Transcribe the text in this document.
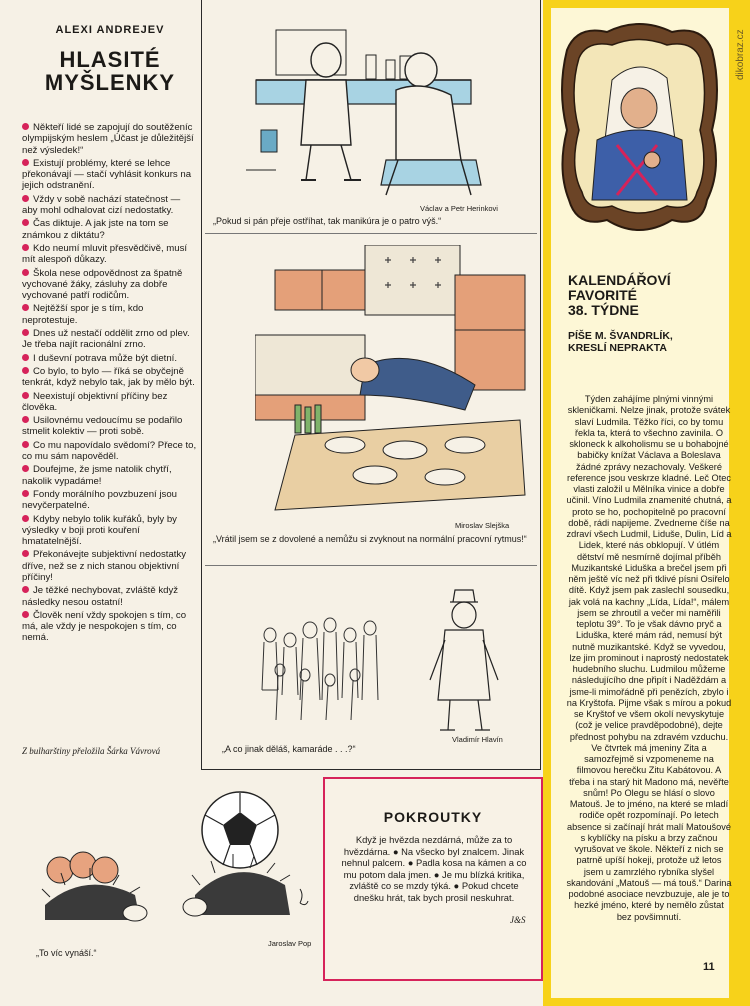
ALEXI ANDREJEV
HLASITÉ
MYŠLENKY
Někteří lidé se zapojují do soutěženíс olympijským heslem „Účast je důležitější než výsledek!“
Existují problémy, které se lehce překonávají — stačí vyhlásit konkurs na jejich odstranění.
Vždy v sobě nachází statečnost — aby mohl odhalovat cizí nedostatky.
Čas diktuje. A jak jste na tom se známkou z diktátu?
Kdo neumí mluvit přesvědčivě, musí mít alespoň důkazy.
Škola nese odpovědnost za špatně vychované žáky, zásluhy za dobře vychované patří rodičům.
Nejtěžší spor je s tím, kdo neprotestuje.
Dnes už nestačí oddělit zrno od plev. Je třeba najít racionální zrno.
I duševní potrava může být dietní.
Co bylo, to bylo — říká se obyčejně tenkrát, když nebylo tak, jak by mělo být.
Neexistují objektivní příčiny bez člověka.
Usilovnému vedoucímu se podařilo stmelit kolektiv — proti sobě.
Co mu napovídalo svědomí? Přece to, co mu sám napověděl.
Doufejme, že jsme natolik chytří, nakolik vypadáme!
Fondy morálního povzbuzení jsou nevyčerpatelné.
Kdyby nebylo tolik kuřáků, byly by výsledky v boji proti kouření hmatatelnější.
Překonávejte subjektivní nedostatky dříve, než se z nich stanou objektivní příčiny!
Je těžké nechybovat, zvláště když následky nesou ostatní!
Člověk není vždy spokojen s tím, co má, ale vždy je nespokojen s tím, co nemá.
Z bulharštiny přeložila Šárka Vávrová
Václav a Petr Herinkovi
„Pokud si pán přeje ostříhat, tak manikúra je o patro výš.“
Miroslav Slejška
„Vrátil jsem se z dovolené a nemůžu si zvyknout na normální pracovní rytmus!“
Vladimír Hlavín
„A co jinak děláš, kamaráde . . .?“
Jaroslav Pop
„To víc vynáší.“
POKROUTKY
Když je hvězda nezdárná, může za to hvězdárna. ● Na všecko byl znalcem. Jinak nehnul palcem. ● Padla kosa na kámen a co mu potom dala jmen. ● Je mu blízká kritika, zvláště co se mzdy týká. ● Pokud chcete dnešku hrát, tak bych prosil neskuhrat.
J&S
dikobraz.cz
KALENDÁŘOVÍ
FAVORITÉ
38. TÝDNE
PÍŠE M. ŠVANDRLÍK,
KRESLÍ NEPRAKTA
Týden zahájíme plnými vinnými skleničkami. Nelze jinak, protože svátek slaví Ludmila. Těžko říci, co by tomu řekla ta, která to všechno zavinila. O skloneck k alkoholismu se u bohabojné babičky knížat Václava a Boleslava žádné zprávy nezachovaly. Veškeré reference jsou veskrze kladné. Leč Otec vlasti založil u Mělníka vinice a dobře učinil. Víno Ludmila znamenité chutná, a proto se ho, pochopitelně po pracovní době, rádi napijeme. Zvedneme číše na zdraví všech Ludmil, Liduše, Dulin, Líd a Lidek, které nás obklopují. V útlém dětství mě nesmírně dojímal příběh Muzikantské Liduška a brečel jsem při něm ještě víc než při tklivé písni Osiřelo dítě. Když jsem pak zaslechl sousedku, jak volá na kachny „Lída, Lída!“, málem jsem se zhroutil a večer mi naměřili teplotu 39°. To je však dávno pryč a Liduška, které mám rád, nemusí být nutně muzikantské. Když se vyvedou, lze jim prominout i naprostý nedostatek hudebního sluchu. Ludmilou můžeme následujícího dne připít i Naděždám a jsme-li mimořádně při penězích, zbylo i na Kryštofa. Pijme však s mírou a pokud se Kryštof ve všem okolí nevyskytuje (což je velice pravděpodobné), dejte přednost pohybu na zdravém vzduchu. Ve čtvrtek má jmeniny Zita a samozřejmě si vzpomeneme na filmovou herečku Zitu Kabátovou. A třeba i na starý hit Madono má, nevěřte snům! Po Olegu se hlásí o slovo Matouš. Je to jméno, na které se mladí rodiče opět rozpomínají. Po letech absence si začínají hrát malí Matoušové s kyblíčky na písku a brzy začnou vyrušovat ve škole. Někteří z nich se patrně upíší hokeji, protože už letos jsem u zamrzlého rybníka slyšel skandování „Matouš — má touš.“ Darina podobné asociace nevzbuzuje, ale je to hezké jméno, které by nemělo zůstat bez povšimnutí.
11
